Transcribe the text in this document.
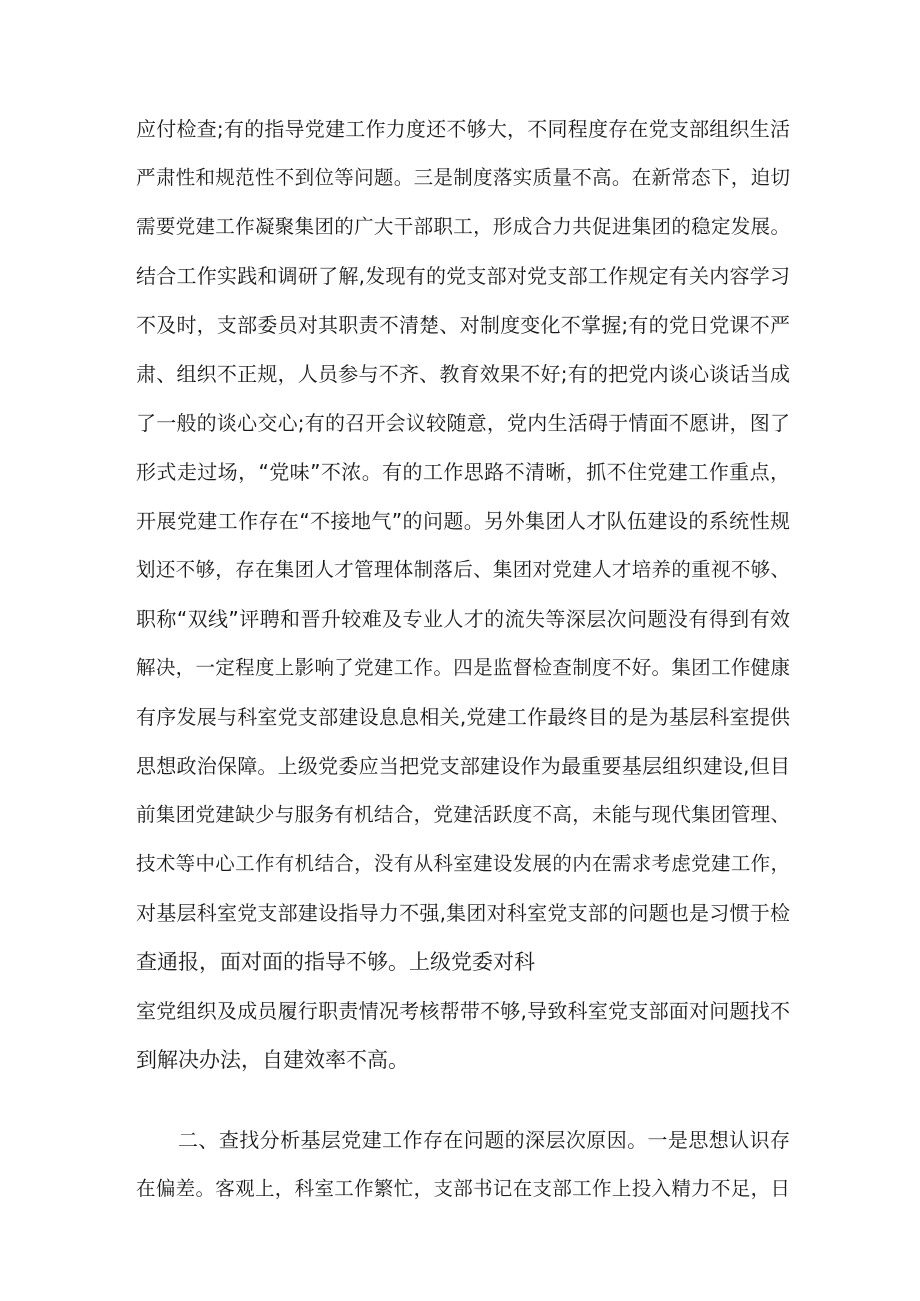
应付检查;有的指导党建工作力度还不够大，不同程度存在党支部组织生活
严肃性和规范性不到位等问题。三是制度落实质量不高。在新常态下，迫切
需要党建工作凝聚集团的广大干部职工，形成合力共促进集团的稳定发展。
结合工作实践和调研了解,发现有的党支部对党支部工作规定有关内容学习
不及时，支部委员对其职责不清楚、对制度变化不掌握;有的党日党课不严
肃、组织不正规，人员参与不齐、教育效果不好;有的把党内谈心谈话当成
了一般的谈心交心;有的召开会议较随意，党内生活碍于情面不愿讲，图了
形式走过场，“党味”不浓。有的工作思路不清晰，抓不住党建工作重点，
开展党建工作存在“不接地气”的问题。另外集团人才队伍建设的系统性规
划还不够，存在集团人才管理体制落后、集团对党建人才培养的重视不够、
职称“双线”评聘和晋升较难及专业人才的流失等深层次问题没有得到有效
解决，一定程度上影响了党建工作。四是监督检查制度不好。集团工作健康
有序发展与科室党支部建设息息相关,党建工作最终目的是为基层科室提供
思想政治保障。上级党委应当把党支部建设作为最重要基层组织建设,但目
前集团党建缺少与服务有机结合，党建活跃度不高，未能与现代集团管理、
技术等中心工作有机结合，没有从科室建设发展的内在需求考虑党建工作，
对基层科室党支部建设指导力不强,集团对科室党支部的问题也是习惯于检
查通报，面对面的指导不够。上级党委对科
室党组织及成员履行职责情况考核帮带不够,导致科室党支部面对问题找不
到解决办法，自建效率不高。
二、查找分析基层党建工作存在问题的深层次原因。一是思想认识存
在偏差。客观上，科室工作繁忙，支部书记在支部工作上投入精力不足，日
